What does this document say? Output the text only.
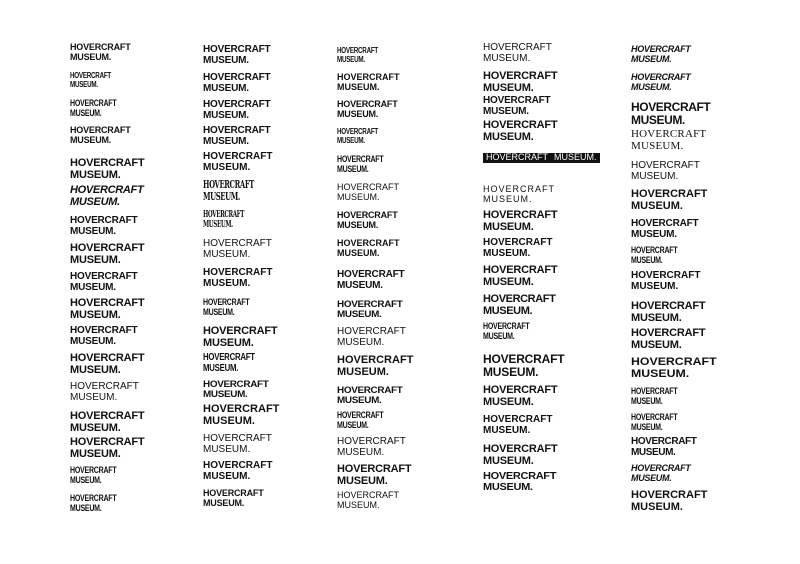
HOVERCRAFT
MUSEUM.
HOVERCRAFT
MUSEUM.
HOVERCRAFT
MUSEUM.
HOVERCRAFT
MUSEUM.
HOVERCRAFT
MUSEUM.
HOVERCRAFT
MUSEUM.
HOVERCRAFT
MUSEUM.
HOVERCRAFT
MUSEUM.
HOVERCRAFT
MUSEUM.
HOVERCRAFT
MUSEUM.
HOVERCRAFT
MUSEUM.
HOVERCRAFT
MUSEUM.
HOVERCRAFT
MUSEUM.
HOVERCRAFT
MUSEUM.
HOVERCRAFT
MUSEUM.
HOVERCRAFT
MUSEUM.
HOVERCRAFT
MUSEUM.
HOVERCRAFT
MUSEUM.
HOVERCRAFT
MUSEUM.
HOVERCRAFT
MUSEUM.
HOVERCRAFT
MUSEUM.
HOVERCRAFT
MUSEUM.
HOVERCRAFT
MUSEUM.
HOVERCRAFT
MUSEUM.
HOVERCRAFT
MUSEUM.
HOVERCRAFT
MUSEUM.
HOVERCRAFT
MUSEUM.
HOVERCRAFT
MUSEUM.
HOVERCRAFT
MUSEUM.
HOVERCRAFT
MUSEUM.
HOVERCRAFT
MUSEUM.
HOVERCRAFT
MUSEUM.
HOVERCRAFT
MUSEUM.
HOVERCRAFT
MUSEUM.
HOVERCRAFT
MUSEUM.
HOVERCRAFT
MUSEUM.
HOVERCRAFT
MUSEUM.
HOVERCRAFT
MUSEUM.
HOVERCRAFT
MUSEUM.
HOVERCRAFT
MUSEUM.
HOVERCRAFT
MUSEUM.
HOVERCRAFT
MUSEUM.
HOVERCRAFT
MUSEUM.
HOVERCRAFT
MUSEUM.
HOVERCRAFT
MUSEUM.
HOVERCRAFT
MUSEUM.
HOVERCRAFT
MUSEUM.
HOVERCRAFT
MUSEUM.
HOVERCRAFT
MUSEUM.
HOVERCRAFT
MUSEUM.
HOVERCRAFT
MUSEUM.
HOVERCRAFT
MUSEUM.
HOVERCRAFT
MUSEUM.
HOVERCRAFT
MUSEUM.
HOVERCRAFT
MUSEUM.
HOVERCRAFT MUSEUM.
HOVERCRAFT
MUSEUM.
HOVERCRAFT
MUSEUM.
HOVERCRAFT
MUSEUM.
HOVERCRAFT
MUSEUM.
HOVERCRAFT
MUSEUM.
HOVERCRAFT
MUSEUM.
HOVERCRAFT
MUSEUM.
HOVERCRAFT
MUSEUM.
HOVERCRAFT
MUSEUM.
HOVERCRAFT
MUSEUM.
HOVERCRAFT
MUSEUM.
HOVERCRAFT
MUSEUM.
HOVERCRAFT
MUSEUM.
HOVERCRAFT
MUSEUM.
HOVERCRAFT
MUSEUM.
HOVERCRAFT
MUSEUM.
HOVERCRAFT
MUSEUM.
HOVERCRAFT
MUSEUM.
HOVERCRAFT
MUSEUM.
HOVERCRAFT
MUSEUM.
HOVERCRAFT
MUSEUM.
HOVERCRAFT
MUSEUM.
HOVERCRAFT
MUSEUM.
HOVERCRAFT
MUSEUM.
HOVERCRAFT
MUSEUM.
HOVERCRAFT
MUSEUM.
HOVERCRAFT
MUSEUM.
HOVERCRAFT
MUSEUM.
